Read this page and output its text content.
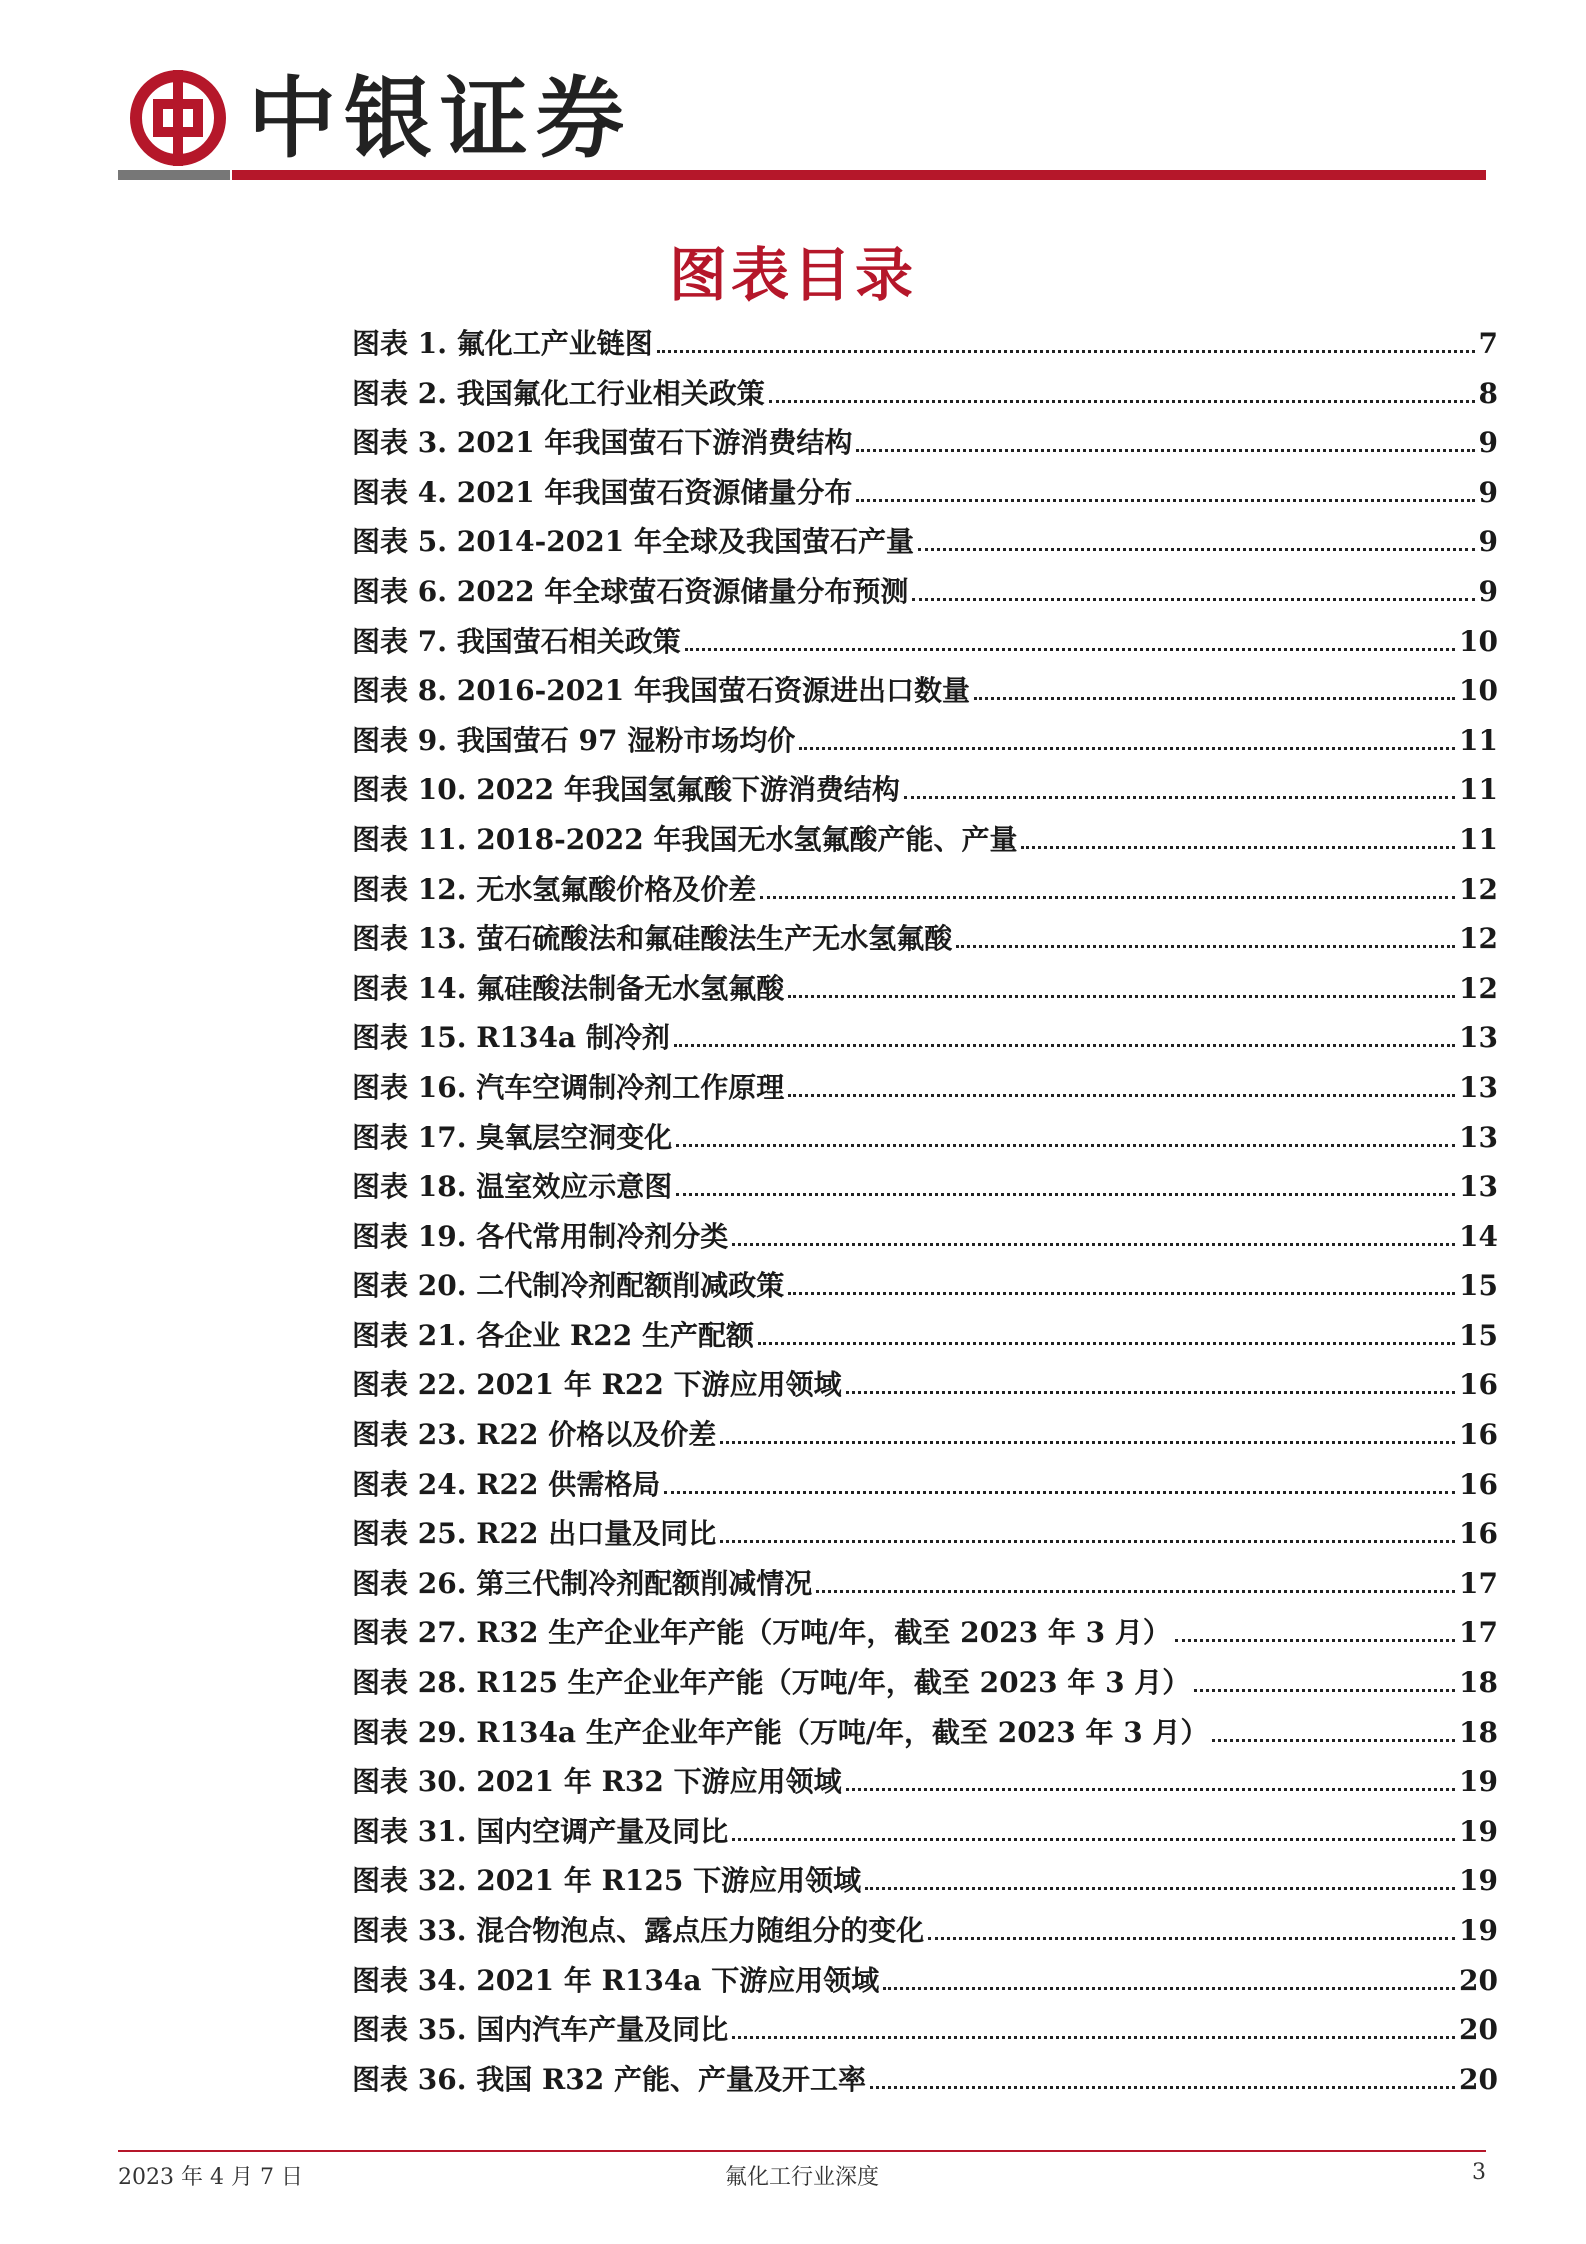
中银证券
图表目录
图表 1. 氟化工产业链图	7
图表 2. 我国氟化工行业相关政策	8
图表 3. 2021 年我国萤石下游消费结构	9
图表 4. 2021 年我国萤石资源储量分布	9
图表 5. 2014-2021 年全球及我国萤石产量	9
图表 6. 2022 年全球萤石资源储量分布预测	9
图表 7. 我国萤石相关政策	10
图表 8. 2016-2021 年我国萤石资源进出口数量	10
图表 9. 我国萤石 97 湿粉市场均价	11
图表 10. 2022 年我国氢氟酸下游消费结构	11
图表 11. 2018-2022 年我国无水氢氟酸产能、产量	11
图表 12. 无水氢氟酸价格及价差	12
图表 13. 萤石硫酸法和氟硅酸法生产无水氢氟酸	12
图表 14. 氟硅酸法制备无水氢氟酸	12
图表 15. R134a 制冷剂	13
图表 16. 汽车空调制冷剂工作原理	13
图表 17. 臭氧层空洞变化	13
图表 18. 温室效应示意图	13
图表 19. 各代常用制冷剂分类	14
图表 20. 二代制冷剂配额削减政策	15
图表 21. 各企业 R22 生产配额	15
图表 22. 2021 年 R22 下游应用领域	16
图表 23. R22 价格以及价差	16
图表 24. R22 供需格局	16
图表 25. R22 出口量及同比	16
图表 26. 第三代制冷剂配额削减情况	17
图表 27. R32 生产企业年产能（万吨/年，截至 2023 年 3 月）	17
图表 28. R125 生产企业年产能（万吨/年，截至 2023 年 3 月）	18
图表 29. R134a 生产企业年产能（万吨/年，截至 2023 年 3 月）	18
图表 30. 2021 年 R32 下游应用领域	19
图表 31. 国内空调产量及同比	19
图表 32. 2021 年 R125 下游应用领域	19
图表 33. 混合物泡点、露点压力随组分的变化	19
图表 34. 2021 年 R134a 下游应用领域	20
图表 35. 国内汽车产量及同比	20
图表 36. 我国 R32 产能、产量及开工率	20
2023 年 4 月 7 日	氟化工行业深度	3
